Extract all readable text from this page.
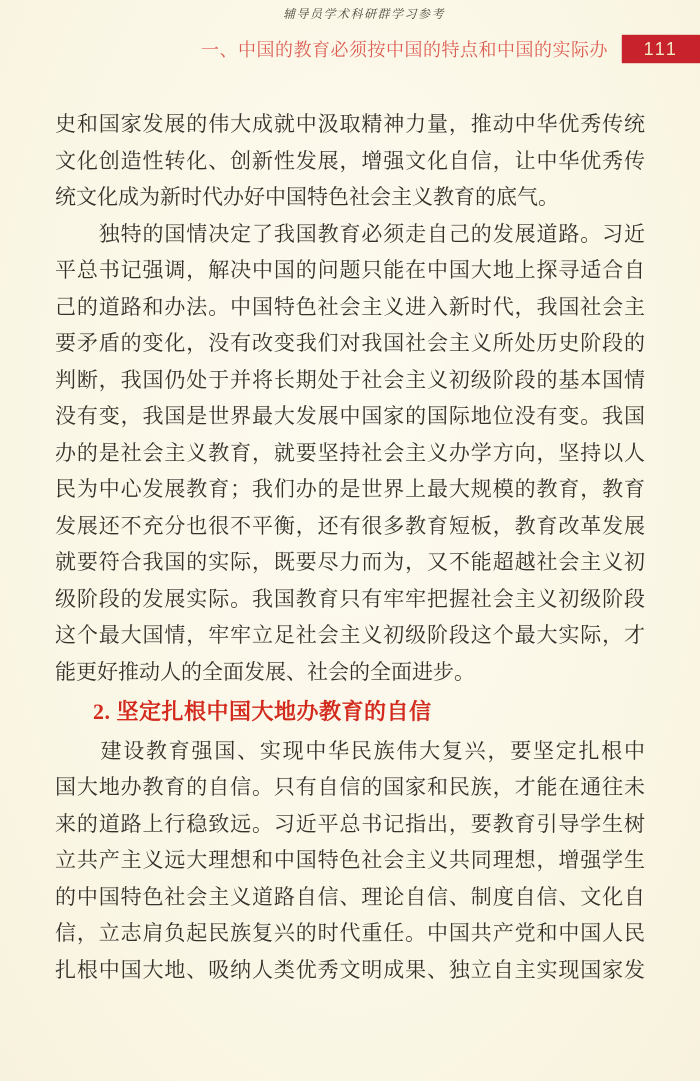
辅导员学术科研群学习参考
一、中国的教育必须按中国的特点和中国的实际办 111
史和国家发展的伟大成就中汲取精神力量，推动中华优秀传统
文化创造性转化、创新性发展，增强文化自信，让中华优秀传
统文化成为新时代办好中国特色社会主义教育的底气。
　　独特的国情决定了我国教育必须走自己的发展道路。习近
平总书记强调，解决中国的问题只能在中国大地上探寻适合自
己的道路和办法。中国特色社会主义进入新时代，我国社会主
要矛盾的变化，没有改变我们对我国社会主义所处历史阶段的
判断，我国仍处于并将长期处于社会主义初级阶段的基本国情
没有变，我国是世界最大发展中国家的国际地位没有变。我国
办的是社会主义教育，就要坚持社会主义办学方向，坚持以人
民为中心发展教育；我们办的是世界上最大规模的教育，教育
发展还不充分也很不平衡，还有很多教育短板，教育改革发展
就要符合我国的实际，既要尽力而为，又不能超越社会主义初
级阶段的发展实际。我国教育只有牢牢把握社会主义初级阶段
这个最大国情，牢牢立足社会主义初级阶段这个最大实际，才
能更好推动人的全面发展、社会的全面进步。
2. 坚定扎根中国大地办教育的自信
　　建设教育强国、实现中华民族伟大复兴，要坚定扎根中
国大地办教育的自信。只有自信的国家和民族，才能在通往未
来的道路上行稳致远。习近平总书记指出，要教育引导学生树
立共产主义远大理想和中国特色社会主义共同理想，增强学生
的中国特色社会主义道路自信、理论自信、制度自信、文化自
信，立志肩负起民族复兴的时代重任。中国共产党和中国人民
扎根中国大地、吸纳人类优秀文明成果、独立自主实现国家发
